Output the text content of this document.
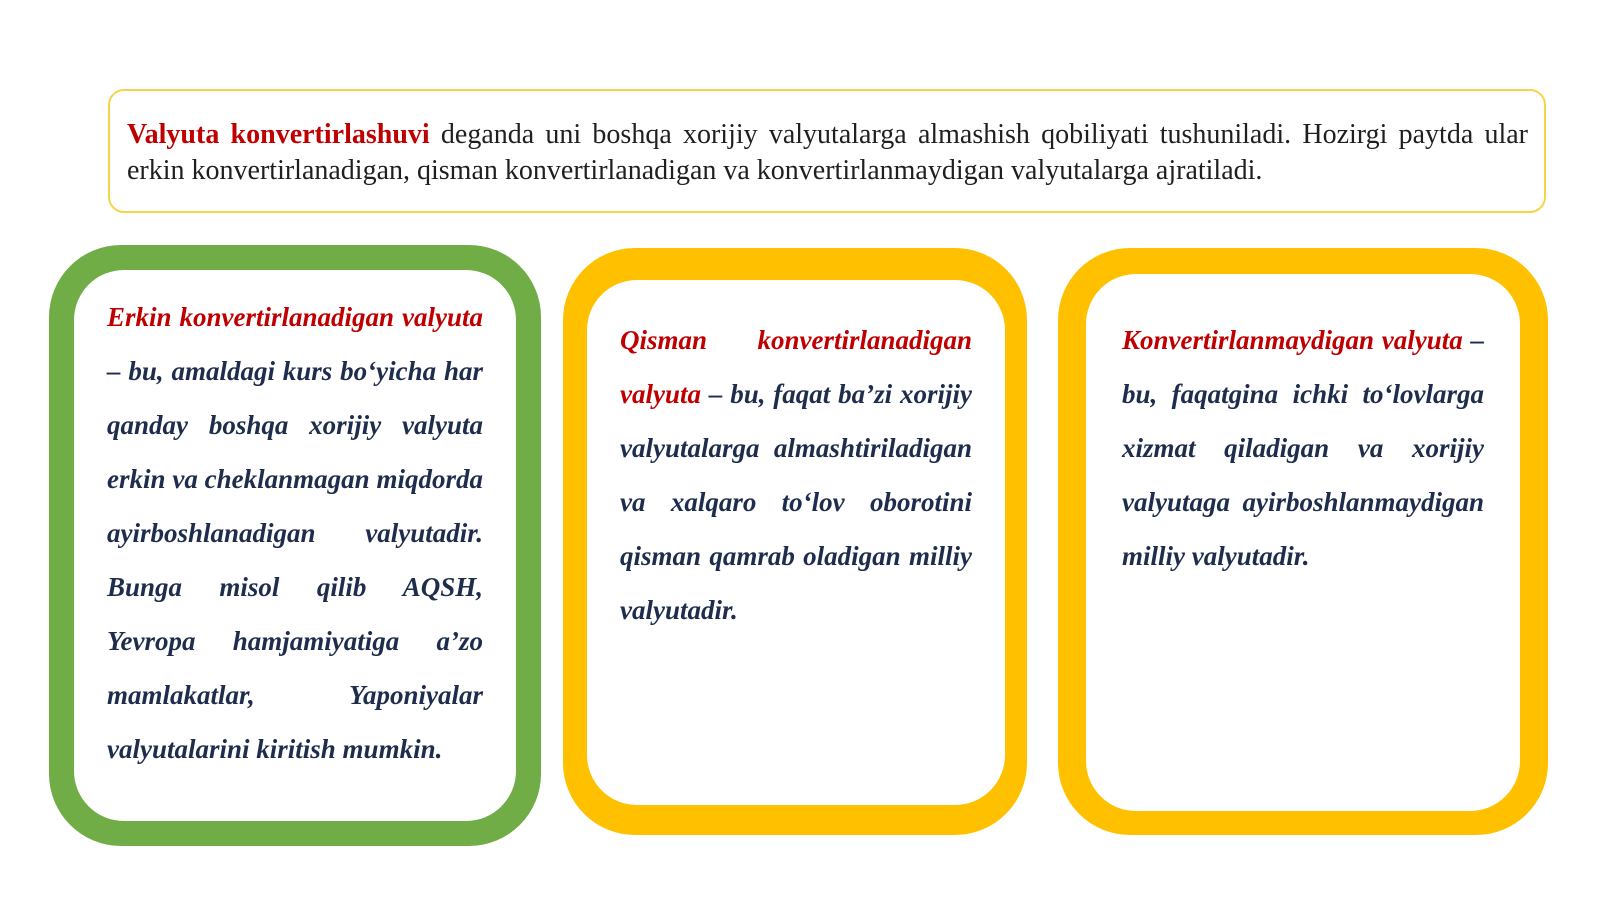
Valyuta konvertirlashuvi deganda uni boshqa xorijiy valyutalarga almashish qobiliyati tushuniladi. Hozirgi paytda ular erkin konvertirlanadigan, qisman konvertirlanadigan va konvertirlanmaydigan valyutalarga ajratiladi.
Erkin konvertirlanadigan valyuta – bu, amaldagi kurs bo‘yicha har qanday boshqa xorijiy valyuta erkin va cheklanmagan miqdorda ayirboshlanadigan valyutadir. Bunga misol qilib AQSH, Yevropa hamjamiyatiga a’zo mamlakatlar, Yaponiyalar valyutalarini kiritish mumkin.
Qisman konvertirlanadigan valyuta – bu, faqat ba’zi xorijiy valyutalarga almashtiriladigan va xalqaro to‘lov oborotini qisman qamrab oladigan milliy valyutadir.
Konvertirlanmaydigan valyuta – bu, faqatgina ichki to‘lovlarga xizmat qiladigan va xorijiy valyutaga ayirboshlanmaydigan milliy valyutadir.
